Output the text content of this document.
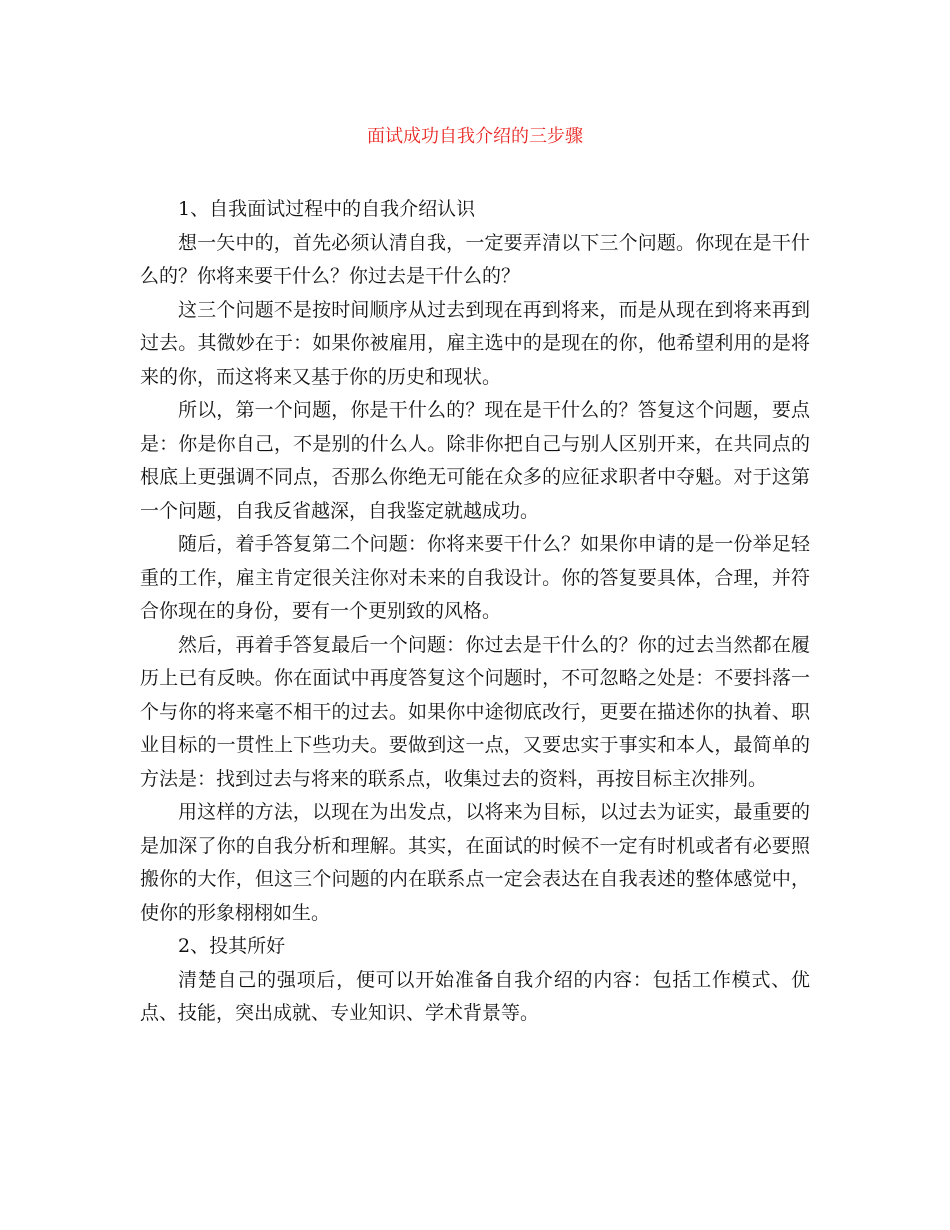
面试成功自我介绍的三步骤

1、自我面试过程中的自我介绍认识

想一矢中的，首先必须认清自我，一定要弄清以下三个问题。你现在是干什么的？你将来要干什么？你过去是干什么的？

这三个问题不是按时间顺序从过去到现在再到将来，而是从现在到将来再到过去。其微妙在于：如果你被雇用，雇主选中的是现在的你，他希望利用的是将来的你，而这将来又基于你的历史和现状。

所以，第一个问题，你是干什么的？现在是干什么的？答复这个问题，要点是：你是你自己，不是别的什么人。除非你把自己与别人区别开来，在共同点的根底上更强调不同点，否那么你绝无可能在众多的应征求职者中夺魁。对于这第一个问题，自我反省越深，自我鉴定就越成功。

随后，着手答复第二个问题：你将来要干什么？如果你申请的是一份举足轻重的工作，雇主肯定很关注你对未来的自我设计。你的答复要具体，合理，并符合你现在的身份，要有一个更别致的风格。

然后，再着手答复最后一个问题：你过去是干什么的？你的过去当然都在履历上已有反映。你在面试中再度答复这个问题时，不可忽略之处是：不要抖落一个与你的将来毫不相干的过去。如果你中途彻底改行，更要在描述你的执着、职业目标的一贯性上下些功夫。要做到这一点，又要忠实于事实和本人，最简单的方法是：找到过去与将来的联系点，收集过去的资料，再按目标主次排列。

用这样的方法，以现在为出发点，以将来为目标，以过去为证实，最重要的是加深了你的自我分析和理解。其实，在面试的时候不一定有时机或者有必要照搬你的大作，但这三个问题的内在联系点一定会表达在自我表述的整体感觉中，使你的形象栩栩如生。

2、投其所好

清楚自己的强项后，便可以开始准备自我介绍的内容：包括工作模式、优点、技能，突出成就、专业知识、学术背景等。
